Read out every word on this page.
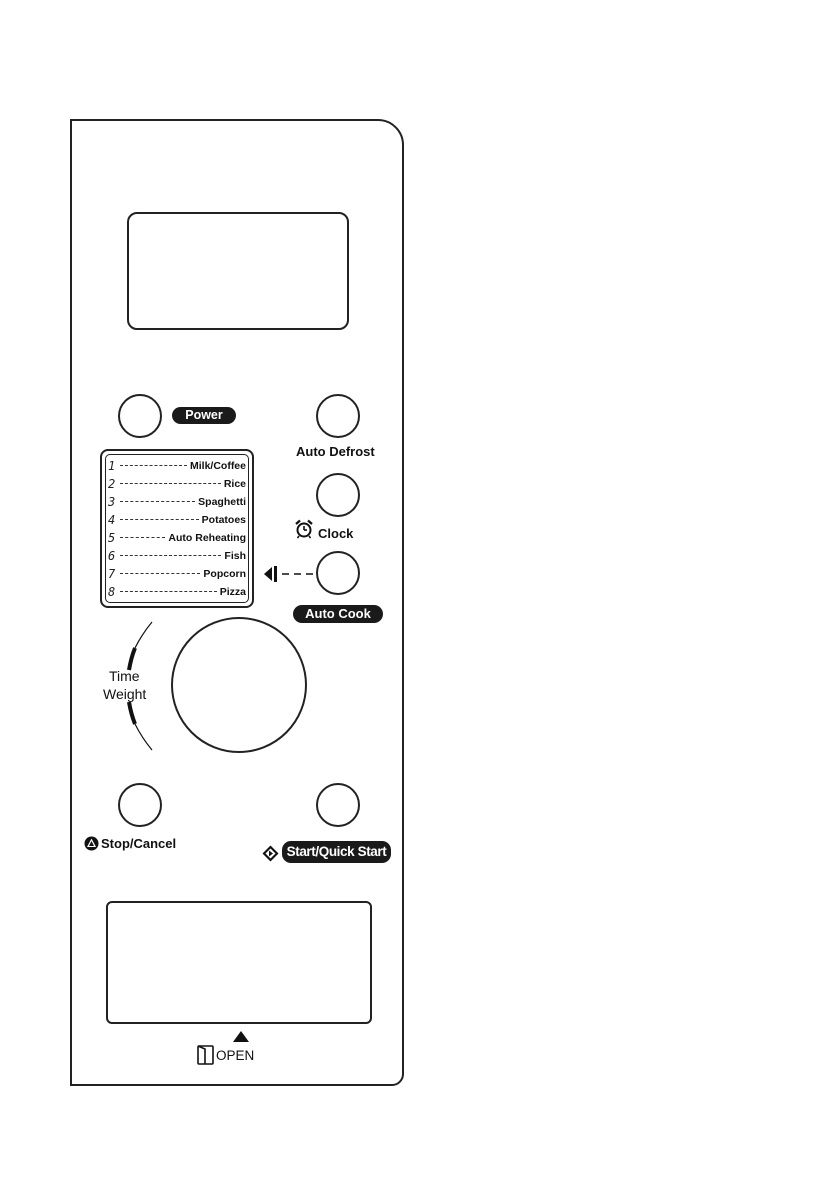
Power
Auto Defrost
Clock
Auto Cook
1	Milk/Coffee
2	Rice
3	Spaghetti
4	Potatoes
5	Auto Reheating
6	Fish
7	Popcorn
8	Pizza
Time
Weight
Stop/Cancel
Start/Quick Start
OPEN
